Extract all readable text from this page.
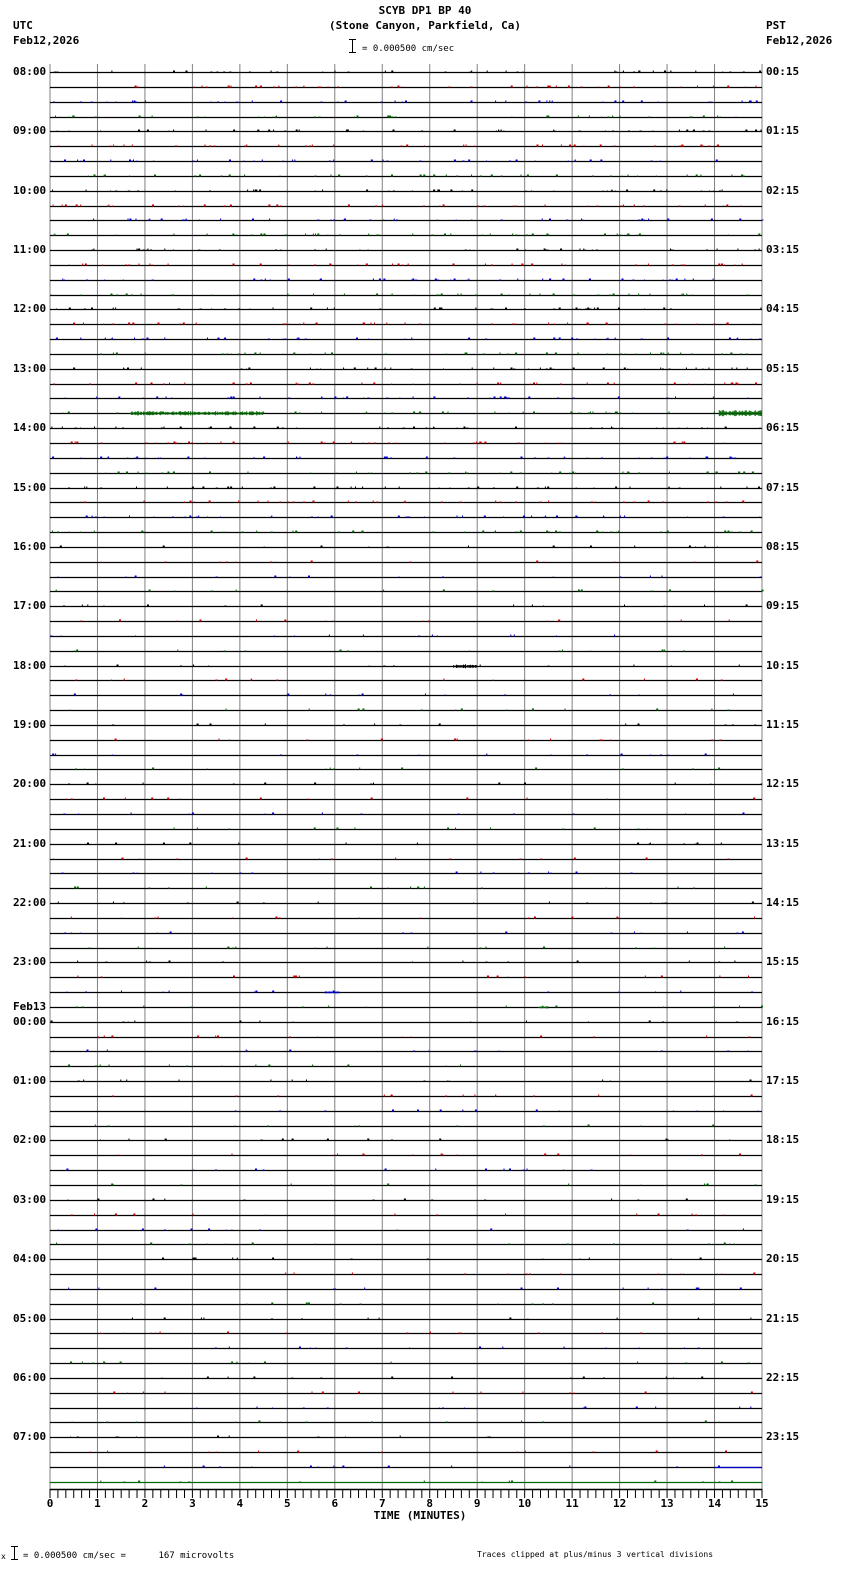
SCYB DP1 BP 40
(Stone Canyon, Parkfield, Ca)
UTC
Feb12,2026
PST
Feb12,2026
= 0.000500 cm/sec
08:00
09:00
10:00
11:00
12:00
13:00
14:00
15:00
16:00
17:00
18:00
19:00
20:00
21:00
22:00
23:00
Feb13
00:00
01:00
02:00
03:00
04:00
05:00
06:00
07:00
00:15
01:15
02:15
03:15
04:15
05:15
06:15
07:15
08:15
09:15
10:15
11:15
12:15
13:15
14:15
15:15
16:15
17:15
18:15
19:15
20:15
21:15
22:15
23:15
0	1	2	3	4	5	6	7	8	9	10	11	12	13	14	15
TIME (MINUTES)
x = 0.000500 cm/sec =      167 microvolts	Traces clipped at plus/minus 3 vertical divisions
